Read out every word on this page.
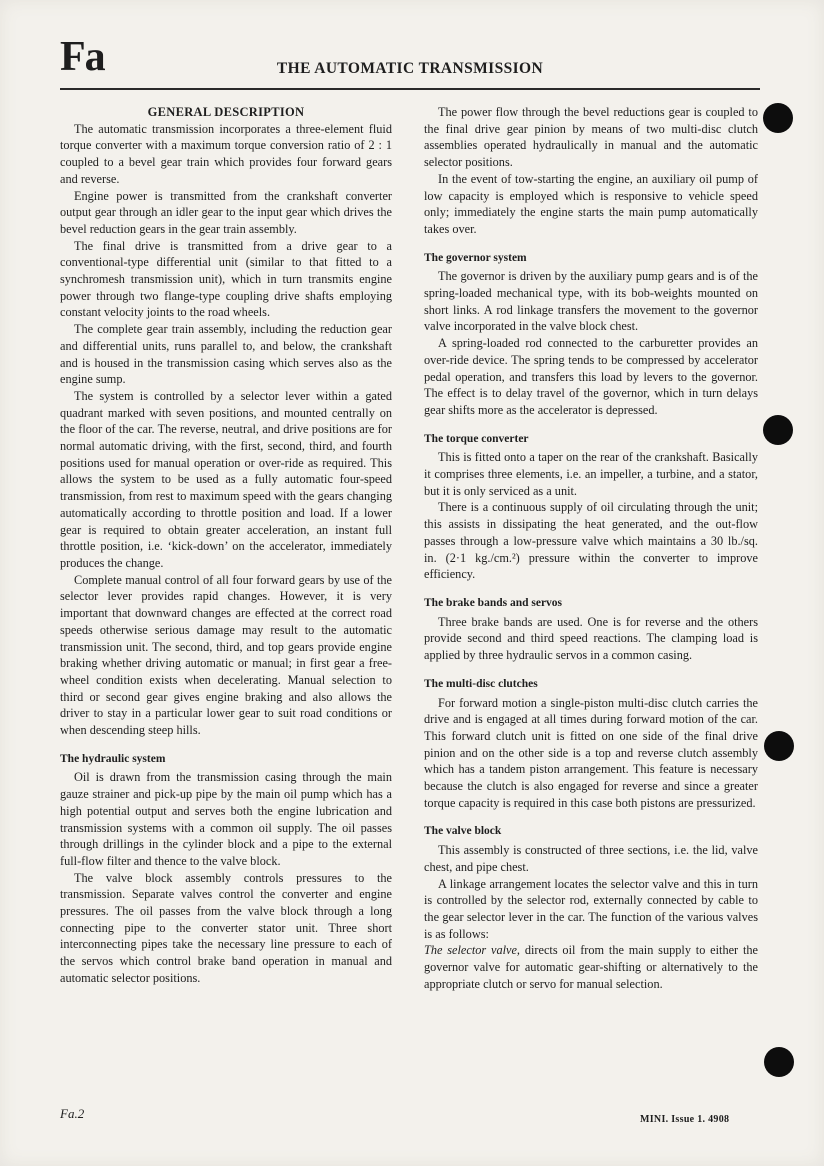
Fa	THE AUTOMATIC TRANSMISSION
GENERAL DESCRIPTION

The automatic transmission incorporates a three-element fluid torque converter with a maximum torque conversion ratio of 2 : 1 coupled to a bevel gear train which provides four forward gears and reverse.

Engine power is transmitted from the crankshaft converter output gear through an idler gear to the input gear which drives the bevel reduction gears in the gear train assembly.

The final drive is transmitted from a drive gear to a conventional-type differential unit (similar to that fitted to a synchromesh transmission unit), which in turn transmits engine power through two flange-type coupling drive shafts employing constant velocity joints to the road wheels.

The complete gear train assembly, including the reduction gear and differential units, runs parallel to, and below, the crankshaft and is housed in the transmission casing which serves also as the engine sump.

The system is controlled by a selector lever within a gated quadrant marked with seven positions, and mounted centrally on the floor of the car. The reverse, neutral, and drive positions are for normal automatic driving, with the first, second, third, and fourth positions used for manual operation or over-ride as required. This allows the system to be used as a fully automatic four-speed transmission, from rest to maximum speed with the gears changing automatically according to throttle position and load. If a lower gear is required to obtain greater acceleration, an instant full throttle position, i.e. ‘kick-down’ on the accelerator, immediately produces the change.

Complete manual control of all four forward gears by use of the selector lever provides rapid changes. However, it is very important that downward changes are effected at the correct road speeds otherwise serious damage may result to the automatic transmission unit. The second, third, and top gears provide engine braking whether driving automatic or manual; in first gear a free-wheel condition exists when decelerating. Manual selection to third or second gear gives engine braking and also allows the driver to stay in a particular lower gear to suit road conditions or when descending steep hills.

The hydraulic system

Oil is drawn from the transmission casing through the main gauze strainer and pick-up pipe by the main oil pump which has a high potential output and serves both the engine lubrication and transmission systems with a common oil supply. The oil passes through drillings in the cylinder block and a pipe to the external full-flow filter and thence to the valve block.

The valve block assembly controls pressures to the transmission. Separate valves control the converter and engine pressures. The oil passes from the valve block through a long connecting pipe to the converter stator unit. Three short interconnecting pipes take the necessary line pressure to each of the servos which control brake band operation in manual and automatic selector positions.

The power flow through the bevel reductions gear is coupled to the final drive gear pinion by means of two multi-disc clutch assemblies operated hydraulically in manual and the automatic selector positions.

In the event of tow-starting the engine, an auxiliary oil pump of low capacity is employed which is responsive to vehicle speed only; immediately the engine starts the main pump automatically takes over.

The governor system

The governor is driven by the auxiliary pump gears and is of the spring-loaded mechanical type, with its bob-weights mounted on short links. A rod linkage transfers the movement to the governor valve incorporated in the valve block chest.

A spring-loaded rod connected to the carburetter provides an over-ride device. The spring tends to be compressed by accelerator pedal operation, and transfers this load by levers to the governor. The effect is to delay travel of the governor, which in turn delays gear shifts more as the accelerator is depressed.

The torque converter

This is fitted onto a taper on the rear of the crankshaft. Basically it comprises three elements, i.e. an impeller, a turbine, and a stator, but it is only serviced as a unit.

There is a continuous supply of oil circulating through the unit; this assists in dissipating the heat generated, and the out-flow passes through a low-pressure valve which maintains a 30 lb./sq. in. (2·1 kg./cm.²) pressure within the converter to improve efficiency.

The brake bands and servos

Three brake bands are used. One is for reverse and the others provide second and third speed reactions. The clamping load is applied by three hydraulic servos in a common casing.

The multi-disc clutches

For forward motion a single-piston multi-disc clutch carries the drive and is engaged at all times during forward motion of the car. This forward clutch unit is fitted on one side of the final drive pinion and on the other side is a top and reverse clutch assembly which has a tandem piston arrangement. This feature is necessary because the clutch is also engaged for reverse and since a greater torque capacity is required in this case both pistons are pressurized.

The valve block

This assembly is constructed of three sections, i.e. the lid, valve chest, and pipe chest.

A linkage arrangement locates the selector valve and this in turn is controlled by the selector rod, externally connected by cable to the gear selector lever in the car. The function of the various valves is as follows:

The selector valve, directs oil from the main supply to either the governor valve for automatic gear-shifting or alternatively to the appropriate clutch or servo for manual selection.

Fa.2	MINI. Issue 1. 4908
